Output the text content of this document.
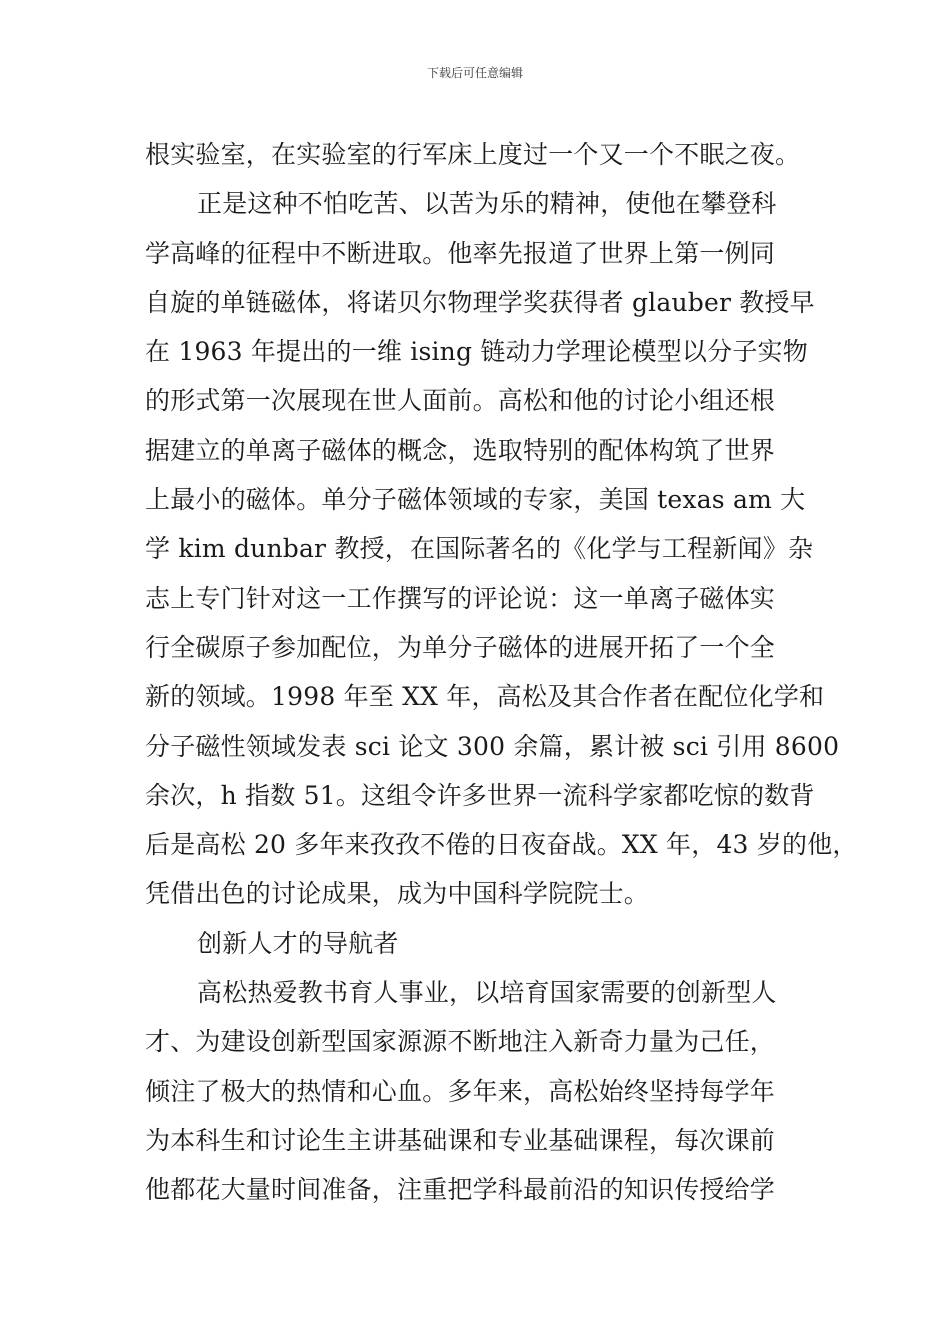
下载后可任意编辑
根实验室，在实验室的行军床上度过一个又一个不眠之夜。
正是这种不怕吃苦、以苦为乐的精神，使他在攀登科
学高峰的征程中不断进取。他率先报道了世界上第一例同
自旋的单链磁体，将诺贝尔物理学奖获得者 glauber 教授早
在 1963 年提出的一维 ising 链动力学理论模型以分子实物
的形式第一次展现在世人面前。高松和他的讨论小组还根
据建立的单离子磁体的概念，选取特别的配体构筑了世界
上最小的磁体。单分子磁体领域的专家，美国 texas am 大
学 kim dunbar 教授，在国际著名的《化学与工程新闻》杂
志上专门针对这一工作撰写的评论说：这一单离子磁体实
行全碳原子参加配位，为单分子磁体的进展开拓了一个全
新的领域。1998 年至 XX 年，高松及其合作者在配位化学和
分子磁性领域发表 sci 论文 300 余篇，累计被 sci 引用 8600
余次，h 指数 51。这组令许多世界一流科学家都吃惊的数背
后是高松 20 多年来孜孜不倦的日夜奋战。XX 年，43 岁的他，
凭借出色的讨论成果，成为中国科学院院士。
创新人才的导航者
高松热爱教书育人事业，以培育国家需要的创新型人
才、为建设创新型国家源源不断地注入新奇力量为己任，
倾注了极大的热情和心血。多年来，高松始终坚持每学年
为本科生和讨论生主讲基础课和专业基础课程，每次课前
他都花大量时间准备，注重把学科最前沿的知识传授给学
